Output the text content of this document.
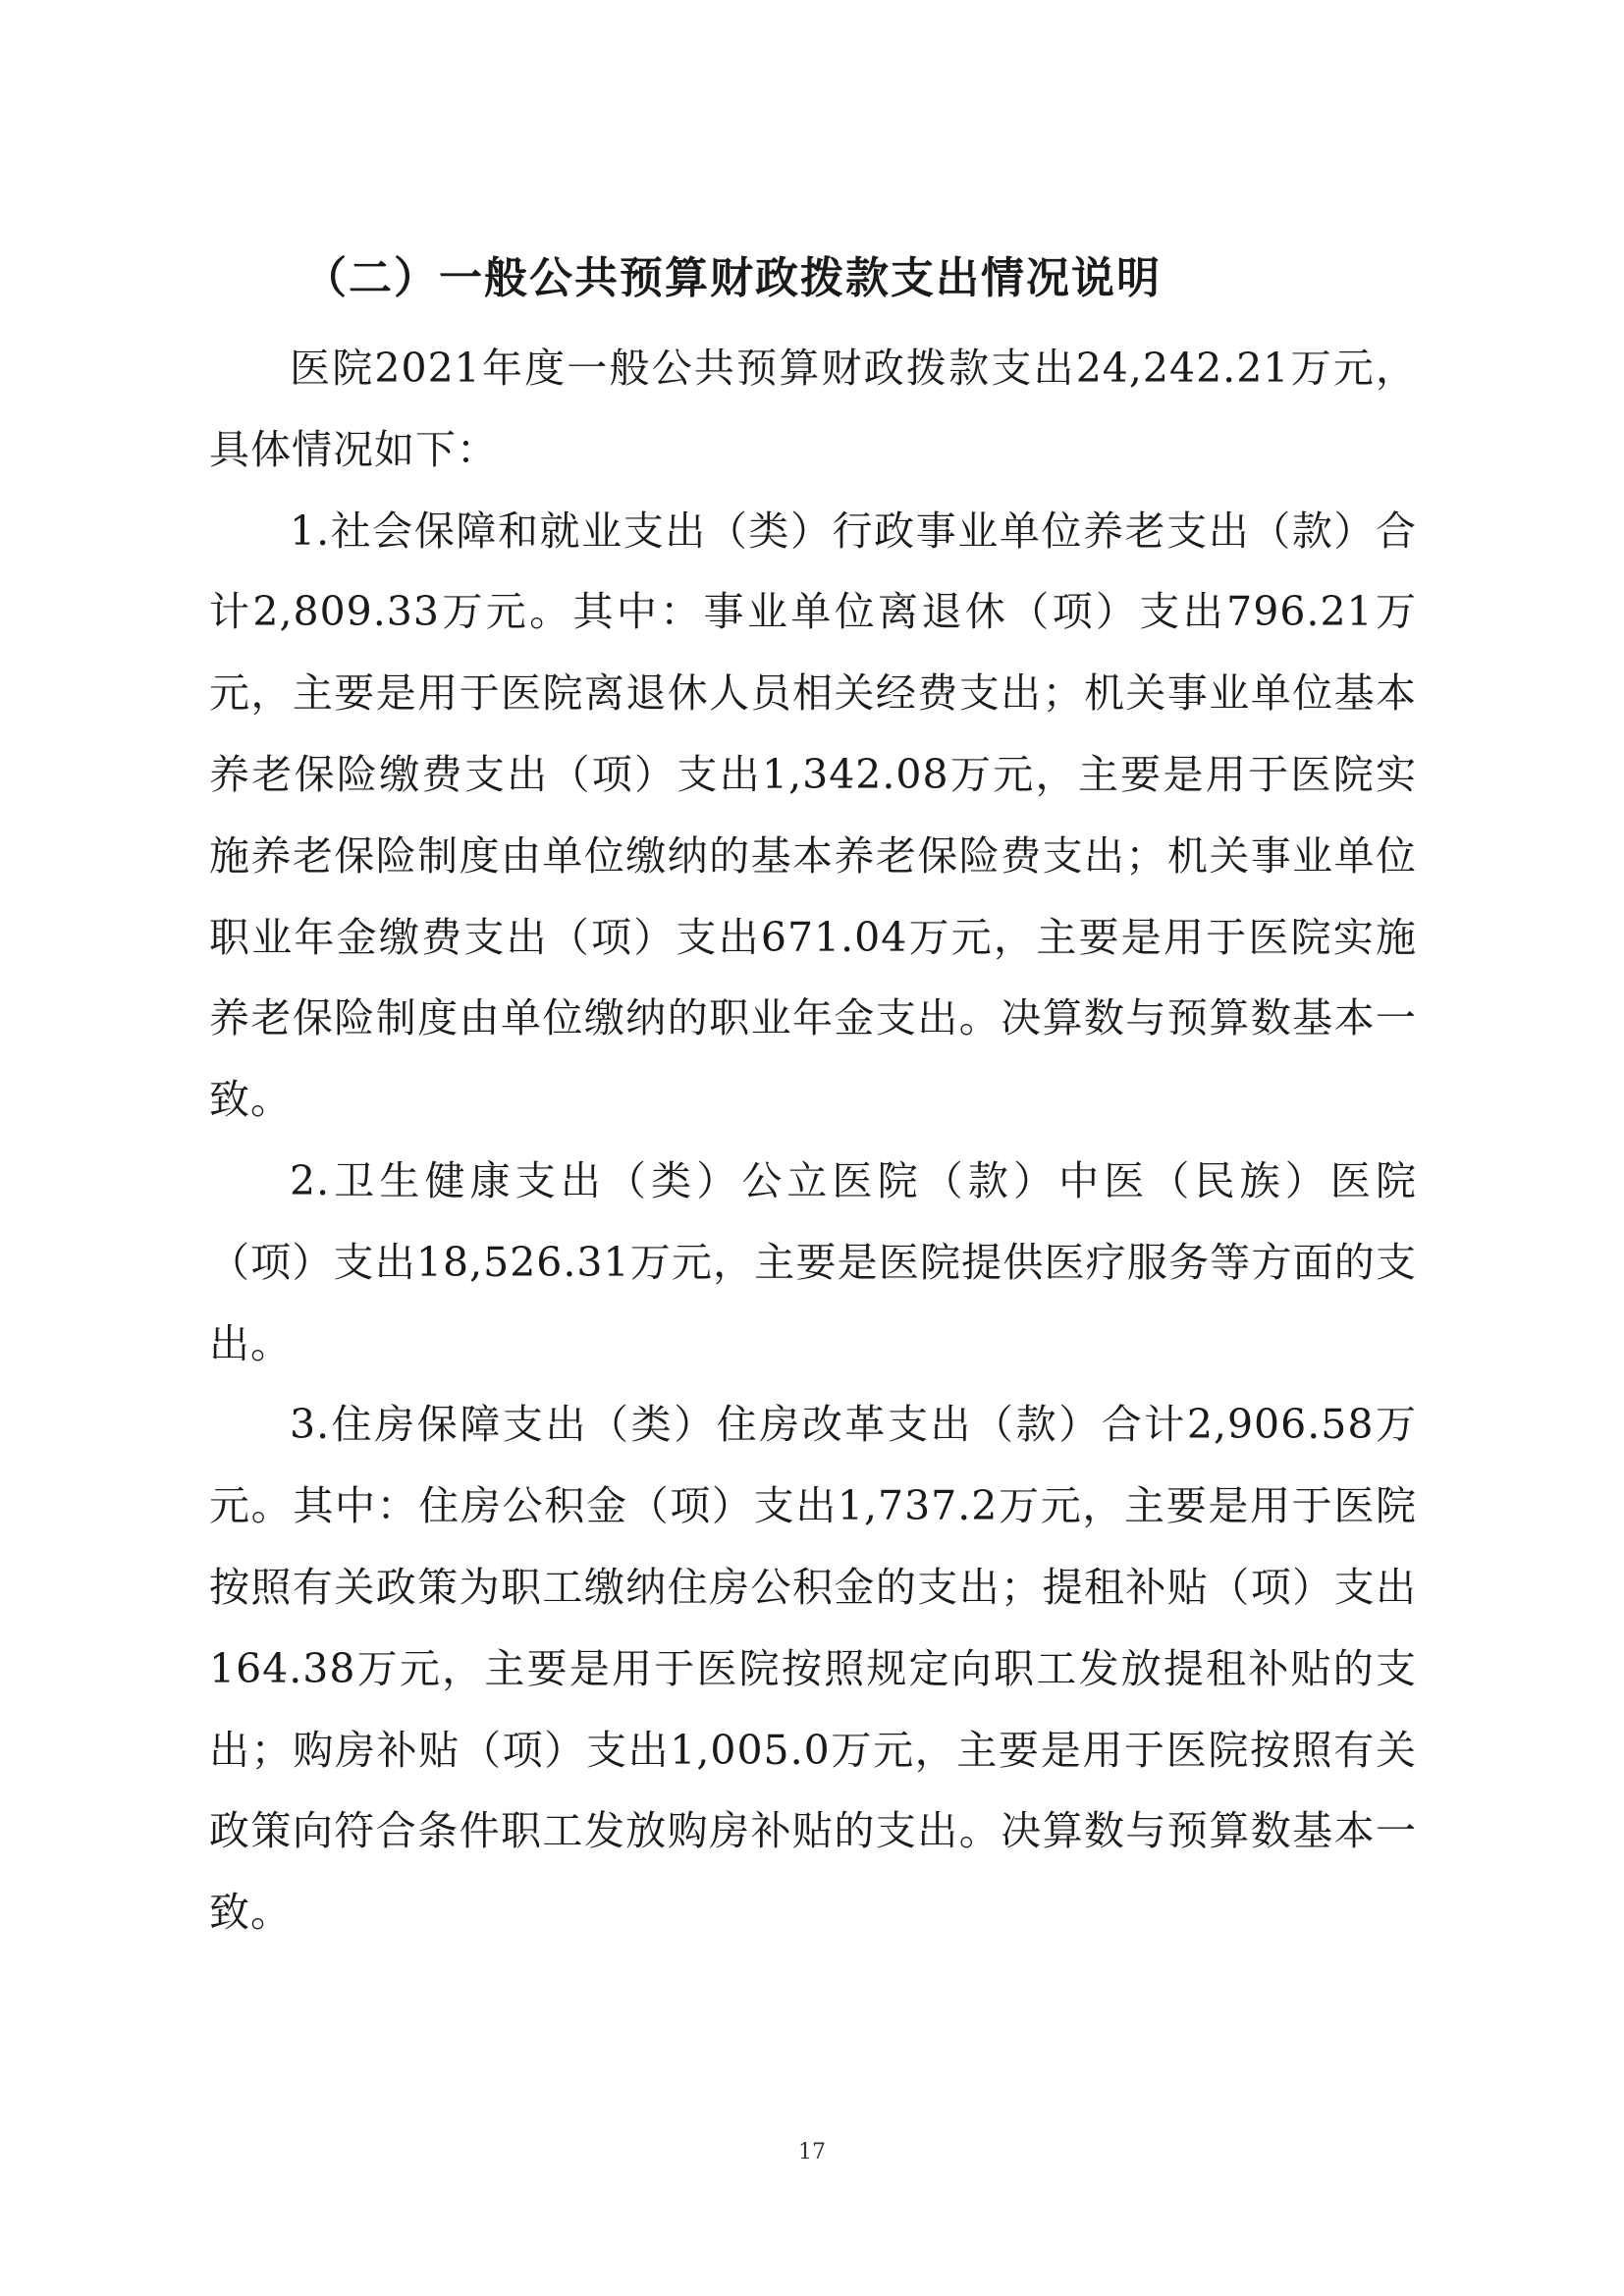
（二）一般公共预算财政拨款支出情况说明

医院2021年度一般公共预算财政拨款支出24,242.21万元，具体情况如下：

1.社会保障和就业支出（类）行政事业单位养老支出（款）合计2,809.33万元。其中：事业单位离退休（项）支出796.21万元，主要是用于医院离退休人员相关经费支出；机关事业单位基本养老保险缴费支出（项）支出1,342.08万元，主要是用于医院实施养老保险制度由单位缴纳的基本养老保险费支出；机关事业单位职业年金缴费支出（项）支出671.04万元，主要是用于医院实施养老保险制度由单位缴纳的职业年金支出。决算数与预算数基本一致。

2.卫生健康支出（类）公立医院（款）中医（民族）医院（项）支出18,526.31万元，主要是医院提供医疗服务等方面的支出。

3.住房保障支出（类）住房改革支出（款）合计2,906.58万元。其中：住房公积金（项）支出1,737.2万元，主要是用于医院按照有关政策为职工缴纳住房公积金的支出；提租补贴（项）支出164.38万元，主要是用于医院按照规定向职工发放提租补贴的支出；购房补贴（项）支出1,005.0万元，主要是用于医院按照有关政策向符合条件职工发放购房补贴的支出。决算数与预算数基本一致。

17
